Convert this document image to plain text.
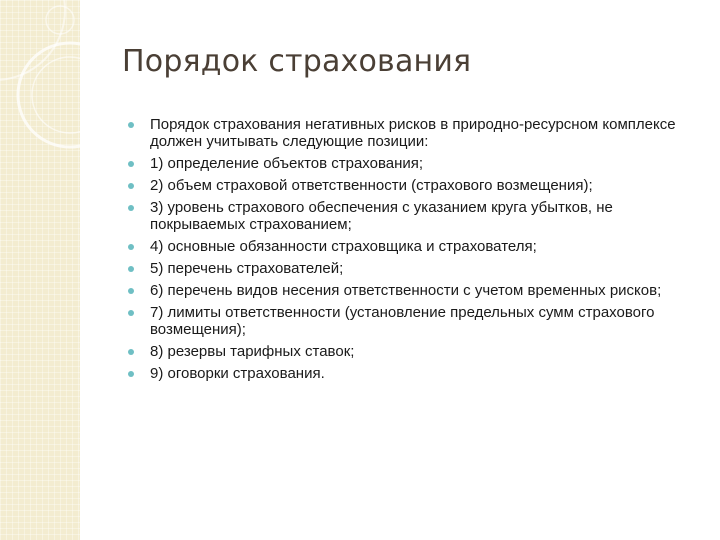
Порядок страхования
Порядок страхования негативных рисков в природно-ресурсном комплексе должен учитывать следующие позиции:
1) определение объектов страхования;
2) объем страховой ответственности (страхового возмещения);
3) уровень страхового обеспечения с указанием круга убытков, не покрываемых страхованием;
4) основные обязанности страховщика и страхователя;
5) перечень страхователей;
6) перечень видов несения ответственности с учетом временных рисков;
7) лимиты ответственности (установление предельных сумм страхового возмещения);
8) резервы тарифных ставок;
9) оговорки страхования.
